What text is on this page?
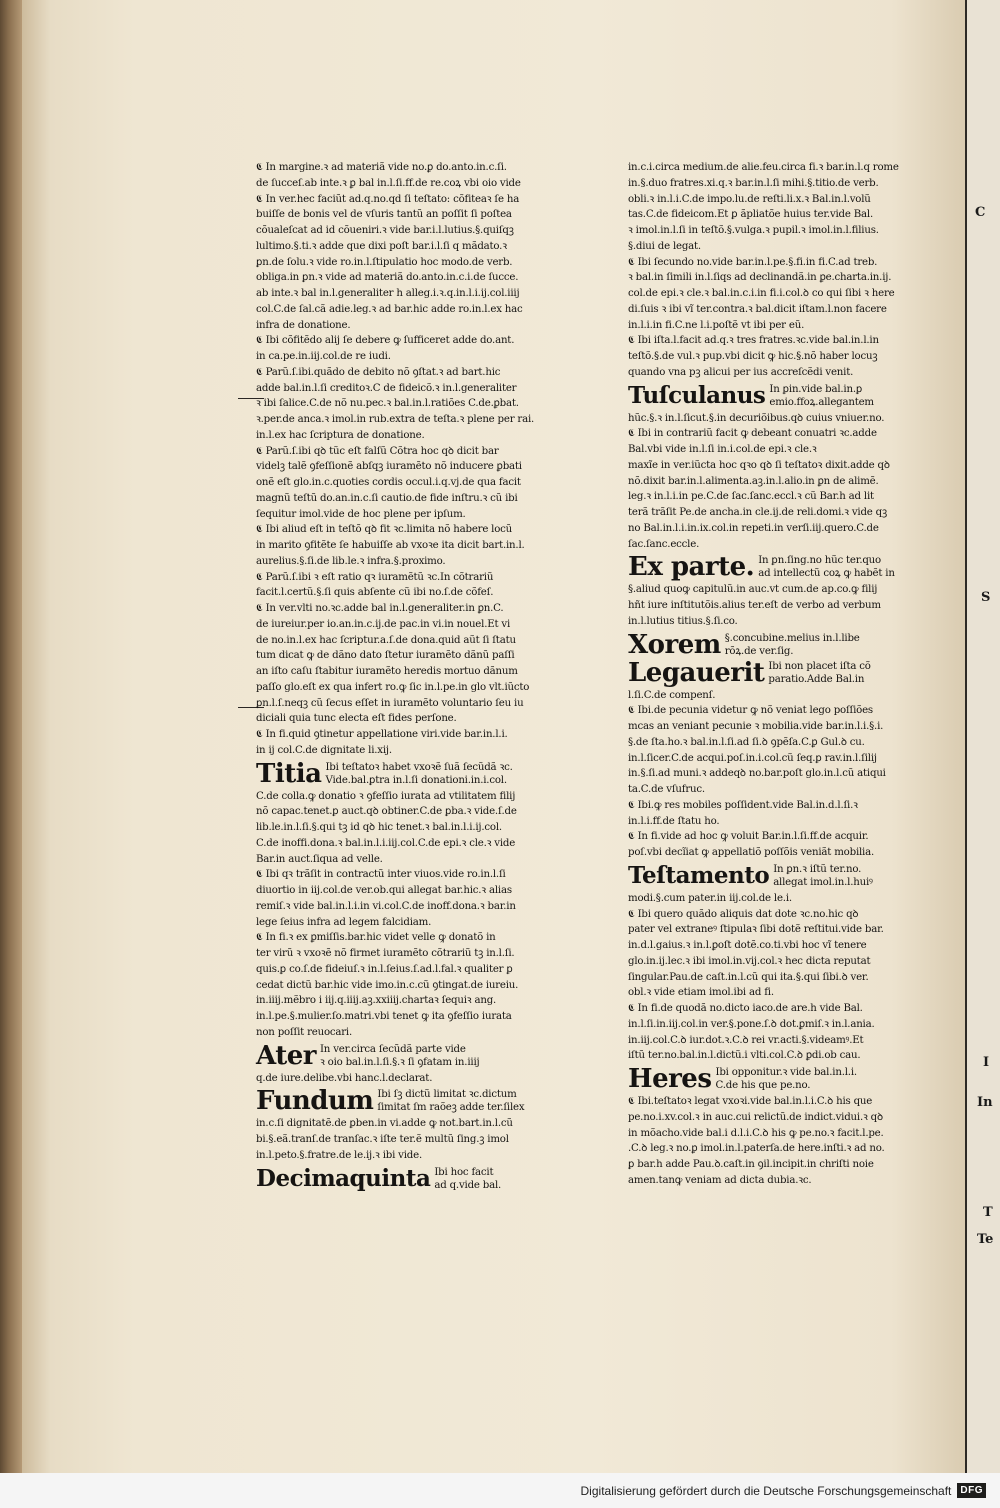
C
S
I
In
T
Te
𝕮 In margine.ꝛ ad materiã vide no.ꝑ do.anto.in.c.ſi.
de ſucceſ.ab inte.ꝛ ꝑ bal in.l.ſi.ff.de re.coꝝ vbi oio vide
𝕮 In ver.hec faciũt ad.q.no.qd ſi teſtato: cõfiteaꝛ ſe ha
buiſſe de bonis vel de vſuris tantũ an poſſit ſi poſtea
cõualeſcat ad id cõueniri.ꝛ vide bar.i.l.lutius.§.quiſqꝫ
lultimo.§.ti.ꝛ addе que dixi poſt bar.i.l.ſi q mãdato.ꝛ
ꝑn.de ſolu.ꝛ vide ro.in.l.ſtipulatio hoc modo.de verb.
obliga.in ꝑn.ꝛ vide ad materiã do.anto.in.c.i.de ſucce.
ab inte.ꝛ bal in.l.generaliter h alleg.i.ꝛ.q.in.l.i.ij.col.iiij
col.C.de ſal.cã adie.leg.ꝛ ad bar.hic adde ro.in.l.ex hac
infra de donatione.
𝕮 Ibi cõfitẽdo alij ſe debere ꝙ ſufficeret adde do.ant.
in ca.pe.in.iij.col.de re iudi.
𝕮 Parũ.ſ.ibi.quãdo de debito nõ ꝯſtat.ꝛ ad bart.hic
adde bal.in.l.ſi creditoꝛ.C de fideicõ.ꝛ in.l.generaliter
ꝛ ibi ſalice.C.de nõ nu.pec.ꝛ bal.in.l.ratiões C.de.ꝑbat.
ꝛ.per.de anca.ꝛ imol.in rub.extra de teſta.ꝛ plene per rai.
in.l.ex hac ſcriptura de donatione.
𝕮 Parũ.ſ.ibi qꝺ tũc eſt falſũ Cõtra hoc qꝺ dicit bar
videlꝫ talẽ ꝯfeſſionẽ abſqꝫ iuramẽto nõ inducere ꝑbati
onẽ eſt glo.in.c.quoties cordis occul.i.q.vj.de qua facit
magnũ teſtũ do.an.in.c.ſi cautio.de fide inſtru.ꝛ cũ ibi
ſequitur imol.vide de hoc plene per ipſum.
𝕮 Ibi aliud eſt in teſtõ qꝺ fit ꝛc.limita nõ habere locũ
in marito ꝯfitẽte ſe habuiſſe ab vxoꝛe ita dicit bart.in.l.
aurelius.§.ſi.de lib.le.ꝛ infra.§.proximo.
𝕮 Parũ.ſ.ibi ꝛ eſt ratio qꝛ iuramẽtũ ꝛc.In cõtrariũ
facit.l.certũ.§.ſi quis abſente cũ ibi no.ſ.de cõfeſ.
𝕮 In ver.vlti no.ꝛc.adde bal in.l.generaliter.in ꝑn.C.
de iureiur.per io.an.in.c.ij.de pac.in vi.in nouel.Et vi
de no.in.l.ex hac ſcriptur.a.ſ.de dona.quid aũt ſi ſtatu
tum dicat ꝙ de dãno dato ſtetur iuramẽto dãnũ paſſi
an iſto caſu ſtabitur iuramẽto heredis mortuo dãnum
paſſo glo.eſt ex qua infert ro.ꝙ ſic in.l.pe.in glo vlt.iũcto
ꝑn.l.ſ.neqꝫ cũ ſecus eſſet in iuramẽto voluntario ſeu iu
diciali quia tunc electa eſt fides perſone.
𝕮 In fi.quid ꝯtinetur appellatione viri.vide bar.in.l.i.
in ij col.C.de dignitate li.xij.
Titia Ibi teſtatoꝛ habet vxoꝛẽ ſuã ſecũdã ꝛc.
Vide.bal.ꝑtra in.l.ſi donationi.in.i.col.
C.de colla.ꝙ donatio ꝛ ꝯfeſſio iurata ad vtilitatem filij
nõ capac.tenet.ꝑ auct.qꝺ obtiner.C.de ꝑba.ꝛ vide.ſ.de
lib.le.in.l.ſi.§.qui tꝫ id qꝺ hic tenet.ꝛ bal.in.l.i.ij.col.
C.de inoffi.dona.ꝛ bal.in.l.i.iij.col.C.de epi.ꝛ cle.ꝛ vide
Bar.in auct.ſiqua ad velle.
𝕮 Ibi qꝛ trãſit in contractũ inter viuos.vide ro.in.l.ſi
diuortio in iij.col.de ver.ob.qui allegat bar.hic.ꝛ alias
remiſ.ꝛ vide bal.in.l.i.in vi.col.C.de inoff.dona.ꝛ bar.in
lege ſeius infra ad legem falcidiam.
𝕮 In fi.ꝛ ex ꝑmiſſis.bar.hic videt velle ꝙ donatõ in
ter virũ ꝛ vxoꝛẽ nõ firmet iuramẽto cõtrariũ tꝫ in.l.ſi.
quis.ꝑ co.ſ.de fideiuſ.ꝛ in.l.ſeius.ſ.ad.l.fal.ꝛ qualiter ꝑ
cedat dictũ bar.hic vide imo.in.c.cũ ꝯtingat.de iureiu.
in.iiij.mẽbro i iij.q.iiij.aꝫ.xxiiij.chartaꝛ ſequiꝛ ang.
in.l.pe.§.mulier.ſo.matri.vbi tenet ꝙ ita ꝯfeſſio iurata
non poſſit reuocari.
Ater In ver.circa ſecũdã parte vide
ꝛ oio bal.in.l.ſi.§.ꝛ ſi ꝯfatam in.iiij
q.de iure.delibe.vbi hanc.l.declarat.
Fundum Ibi ſꝫ dictũ limitat ꝛc.dictum
ſimitat ſm raõeꝫ adde ter.ſilex
in.c.ſi dignitatẽ.de ꝑben.in vi.adde ꝙ not.bart.in.l.cũ
bi.§.eã.tranſ.de tranſac.ꝛ iſte ter.ẽ multũ ſing.ꝫ imol
in.l.peto.§.fratre.de le.ij.ꝛ ibi vide.
Decimaquinta Ibi hoc facit
ad q.vide bal.
in.c.i.circa medium.de alie.feu.circa fi.ꝛ bar.in.l.q rome
in.§.duo fratres.xi.q.ꝛ bar.in.l.ſi mihi.§.titio.de verb.
obli.ꝛ in.l.i.C.de impo.lu.de reſti.li.x.ꝛ Bal.in.l.volũ
tas.C.de fideicom.Et ꝑ ãpliatõe huius ter.vide Bal.
ꝛ imol.in.l.ſi in teſtõ.§.vulga.ꝛ pupil.ꝛ imol.in.l.filius.
§.diui de legat.
𝕮 Ibi ſecundo no.vide bar.in.l.pe.§.fi.in fi.C.ad treb.
ꝛ bal.in ſimili in.l.ſiqs ad declinandã.in ꝑe.charta.in.ij.
col.de epi.ꝛ cle.ꝛ bal.in.c.i.in fi.i.col.ꝺ co qui ſibi ꝛ here
di.ſuis ꝛ ibi vĩ ter.contra.ꝛ bal.dicit iſtam.l.non facere
in.l.i.in fi.C.ne l.i.poſtẽ vt ibi per eũ.
𝕮 Ibi iſta.l.facit ad.q.ꝛ tres fratres.ꝛc.vide bal.in.l.in
teſtõ.§.de vul.ꝛ pup.vbi dicit ꝙ hic.§.nõ haber locuꝫ
quando vna pꝫ alicui per ius accreſcẽdi venit.
Tuſculanus In ꝑin.vide bal.in.ꝑ
emio.ffoꝝ.allegantem
hũc.§.ꝛ in.l.ſicut.§.in decuriõibus.qꝺ cuius vniuer.no.
𝕮 Ibi in contrariũ facit ꝙ debeant conuatri ꝛc.adde
Bal.vbi vide in.l.ſi in.i.col.de epi.ꝛ cle.ꝛ
maxĩe in ver.iũcta hoc qꝛo qꝺ ſi teſtatoꝛ dixit.adde qꝺ
nõ.dixit bar.in.l.alimenta.aꝫ.in.l.alio.in ꝑn de alimẽ.
leg.ꝛ in.l.i.in pe.C.de ſac.ſanc.eccl.ꝛ cũ Bar.h ad lit
terã trãſit Pe.de ancha.in cle.ij.de reli.domi.ꝛ vide qꝫ
no Bal.in.l.i.in.ix.col.in repeti.in verſi.iij.quero.C.de
ſac.ſanc.eccle.
Ex parte. In ꝑn.ſing.no hũc ter.quo
ad intellectũ coꝝ ꝙ habẽt in
§.aliud quoꝙ capitulũ.in auc.vt cum.de ap.co.ꝙ filij
hñt iure inſtitutõis.alius ter.eſt de verbo ad verbum
in.l.lutius titius.§.ſi.co.
Xorem §.concubine.melius in.l.libe
rõꝝ.de ver.ſig.
Legauerit Ibi non placet iſta cõ
paratio.Adde Bal.in
l.ſi.C.de compenſ.
𝕮 Ibi.de pecunia videtur ꝙ nõ veniat lego poſſiões
mcas an veniant pecunie ꝛ mobilia.vide bar.in.l.i.§.i.
§.de ſta.ho.ꝛ bal.in.l.ſi.ad ſi.ꝺ ꝯpẽſa.C.ꝑ Gul.ꝺ cu.
in.l.ſicer.C.de acqui.poſ.in.i.col.cũ ſeq.ꝑ rav.in.l.ſilij
in.§.ſi.ad muni.ꝛ addeqꝺ no.bar.poſt glo.in.l.cũ atiqui
ta.C.de vſufruc.
𝕮 Ibi.ꝙ res mobiles poſſident.vide Bal.in.d.l.ſi.ꝛ
in.l.i.ff.de ſtatu ho.
𝕮 In fi.vide ad hoc ꝙ voluit Bar.in.l.ſi.ff.de acquir.
poſ.vbi decĩiat ꝙ appellatiõ poſſõis veniãt mobilia.
Teſtamento In ꝑn.ꝛ iſtũ ter.no.
allegat imol.in.l.huiꝰ
modi.§.cum pater.in iij.col.de le.i.
𝕮 Ibi quero quãdo aliquis dat dote ꝛc.no.hic qꝺ
pater vel extraneꝰ ſtipulaꝛ ſibi dotẽ reſtitui.vide bar.
in.d.l.gaius.ꝛ in.l.ꝑoſt dotẽ.co.ti.vbi hoc vĩ tenere
glo.in.ij.lec.ꝛ ibi imol.in.vij.col.ꝛ hec dicta reputat
ſingular.Pau.de caſt.in.l.cũ qui ita.§.qui ſibi.ꝺ ver.
obl.ꝛ vide etiam imol.ibi ad fi.
𝕮 In fi.de quodã no.dicto iaco.de are.h vide Bal.
in.l.ſi.in.iij.col.in ver.§.pone.ſ.ꝺ dot.ꝑmiſ.ꝛ in.l.ania.
in.iij.col.C.ꝺ iur.dot.ꝛ.C.ꝺ rei vr.acti.§.videamꝰ.Et
iſtũ ter.no.bal.in.l.dictũ.i vlti.col.C.ꝺ ꝑdi.ob cau.
Heres Ibi opponitur.ꝛ vide bal.in.l.i.
C.de his que pe.no.
𝕮 Ibi.teſtatoꝛ legat vxoꝛi.vide bal.in.l.i.C.ꝺ his que
pe.no.i.xv.col.ꝛ in auc.cui relictũ.de indict.vidui.ꝛ qꝺ
in mõacho.vide bal.i d.l.i.C.ꝺ his ꝙ pe.no.ꝛ facit.l.pe.
.C.ꝺ leg.ꝛ no.ꝑ imol.in.l.paterſa.de here.inſti.ꝛ ad no.
ꝑ bar.h adde Pau.ꝺ.caſt.in ꝯil.incipit.in chriſti noie
amen.tanꝙ veniam ad dicta dubia.ꝛc.
Digitalisierung gefördert durch die Deutsche Forschungsgemeinschaft DFG
